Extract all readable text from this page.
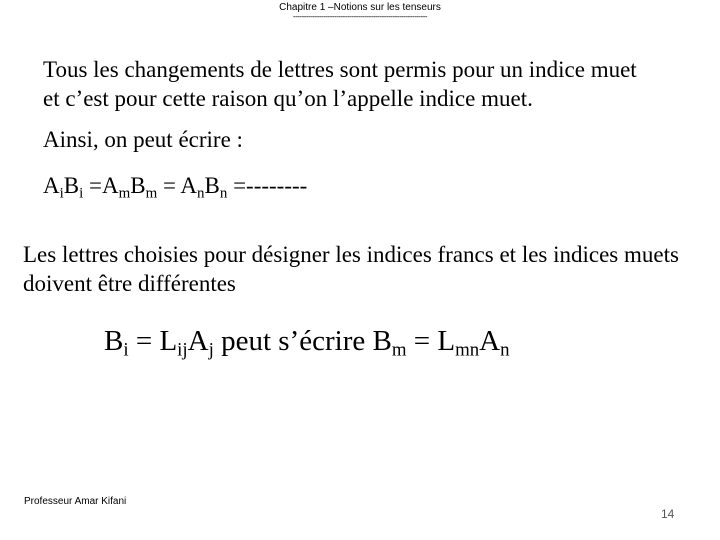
Chapitre 1 –Notions sur les tenseurs
--------------------------------------------------------------

Tous les changements de lettres sont permis pour un indice muet
et c’est pour cette raison qu’on l’appelle indice muet.

Ainsi, on peut écrire :

$A_iB_i =A_mB_m = A_nB_n$ =--------

Les lettres choisies pour désigner les indices francs et les indices muets
doivent être différentes

$B_i = L_{ij}A_j$ peut s’écrire $B_m = L_{mn}A_n$

Professeur Amar Kifani
14
